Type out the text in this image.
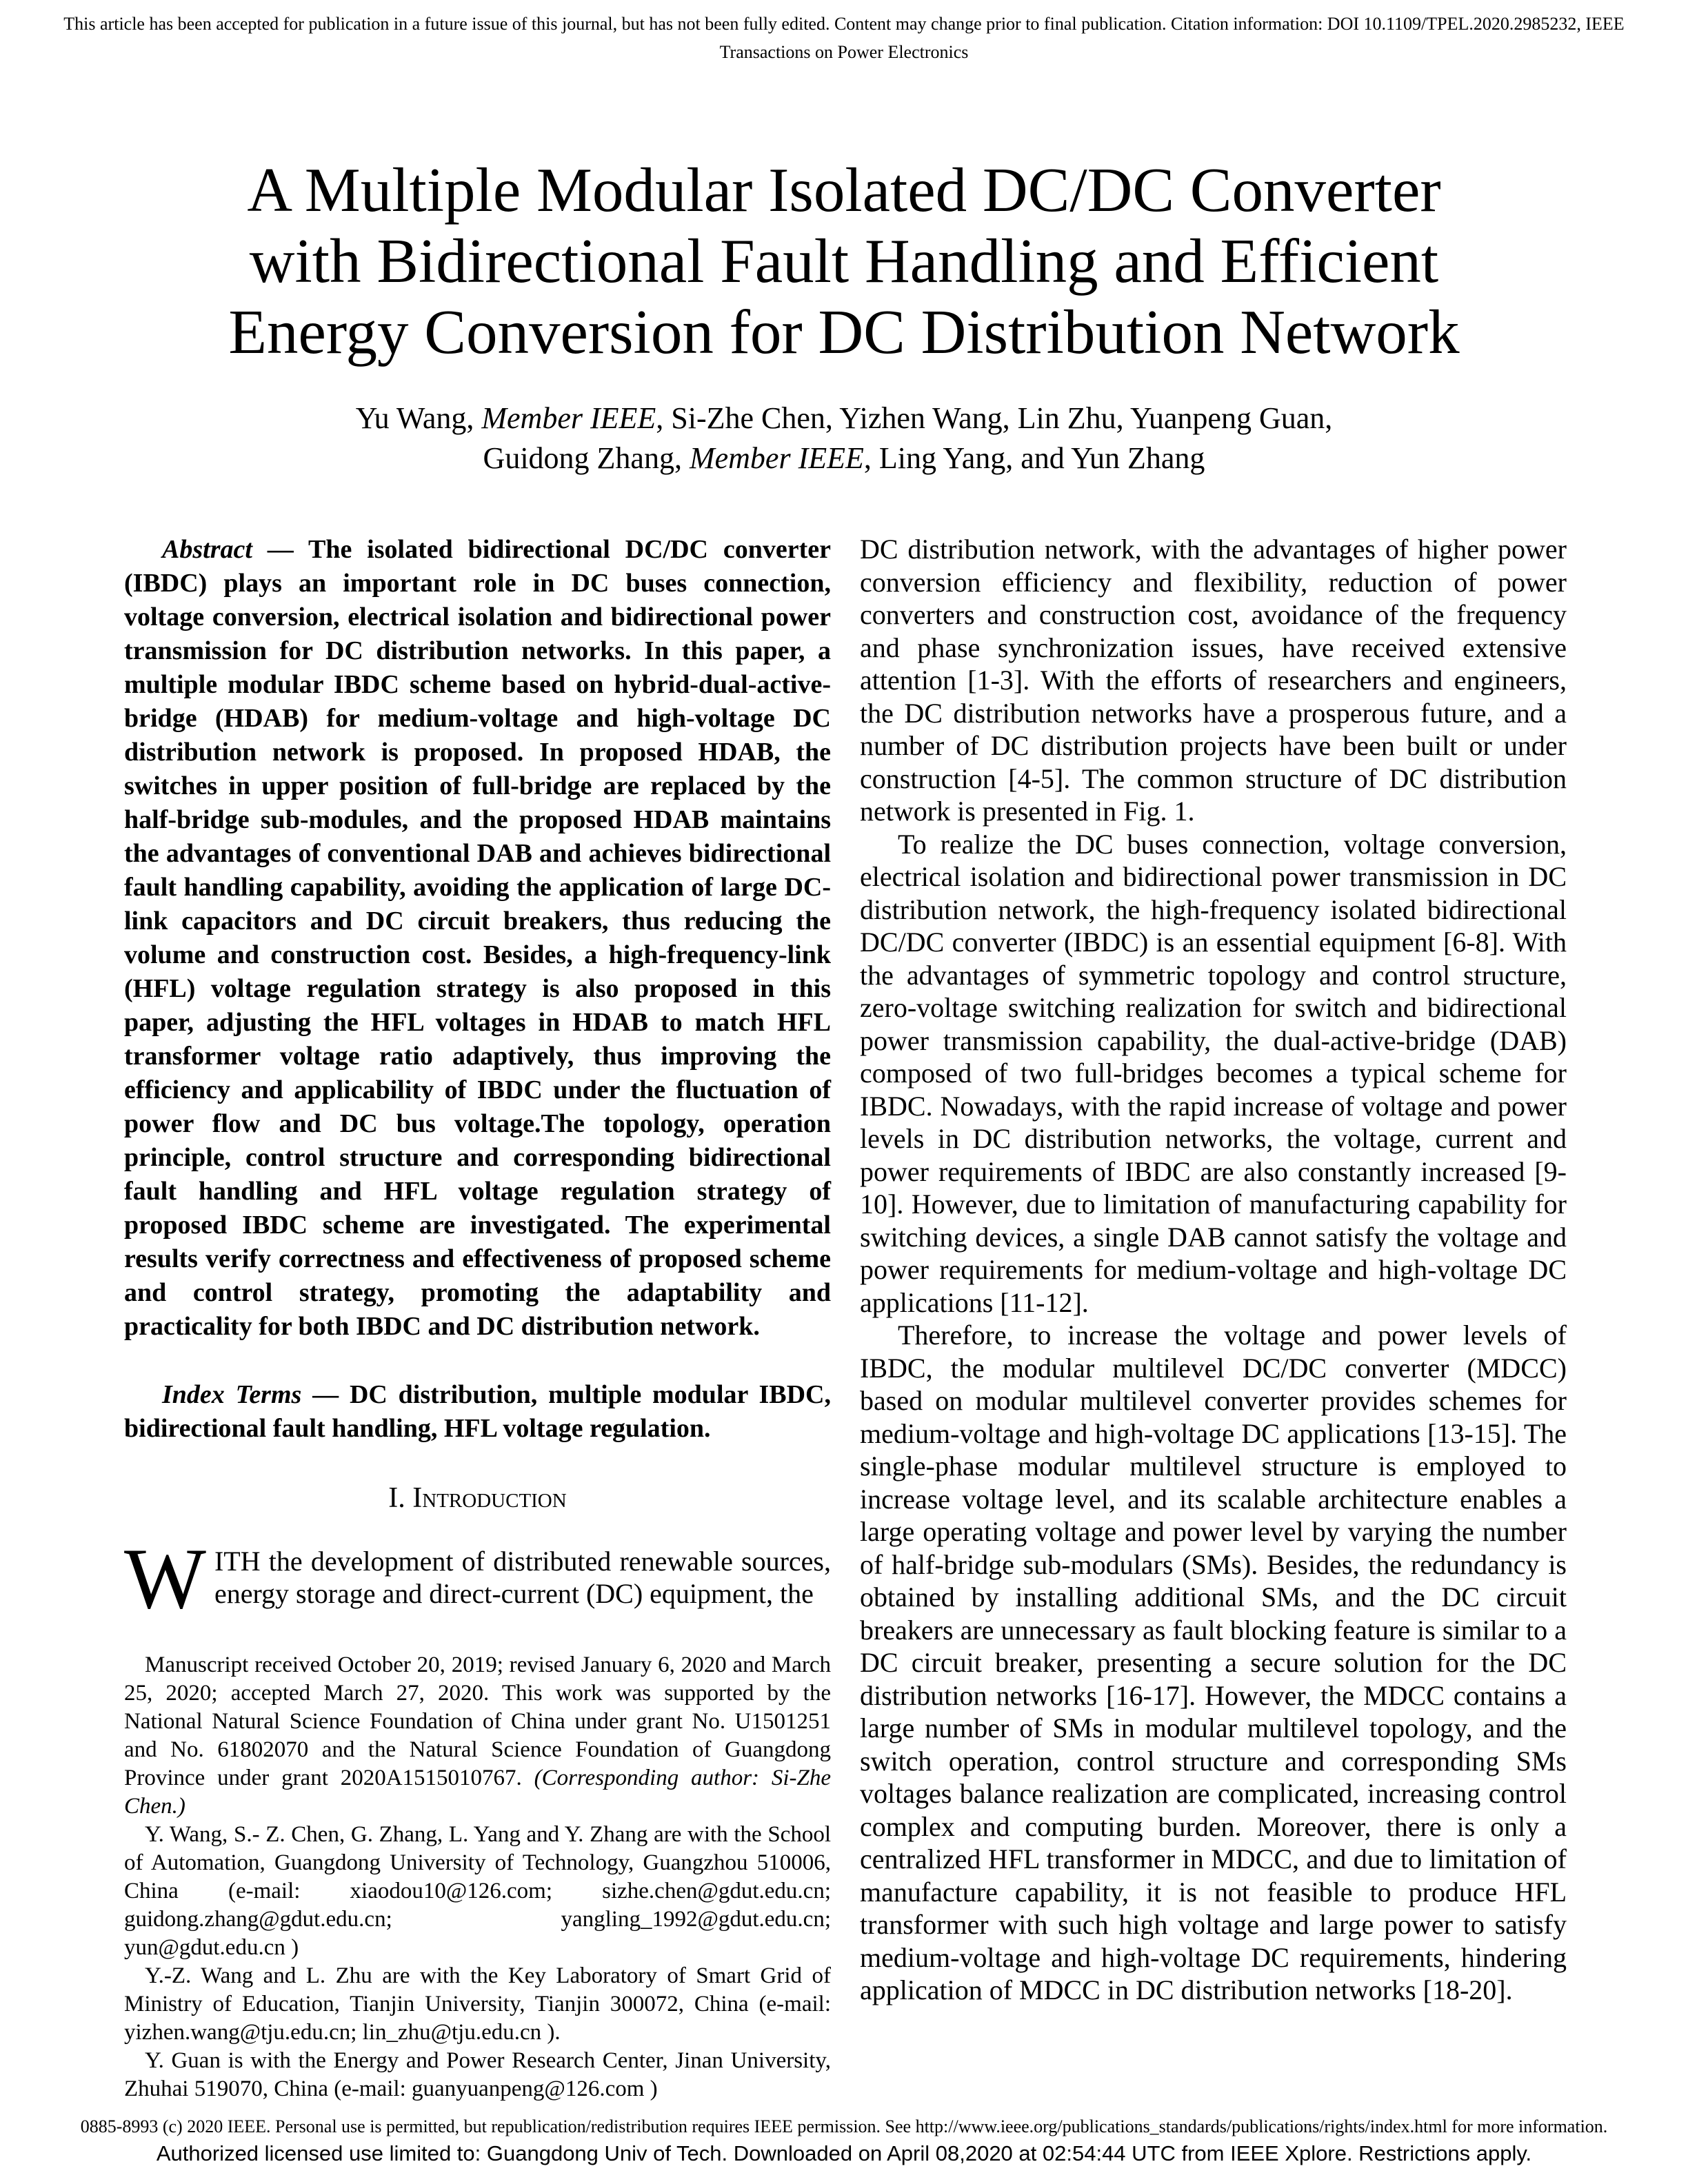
This article has been accepted for publication in a future issue of this journal, but has not been fully edited. Content may change prior to final publication. Citation information: DOI 10.1109/TPEL.2020.2985232, IEEE
Transactions on Power Electronics
A Multiple Modular Isolated DC/DC Converter
with Bidirectional Fault Handling and Efficient
Energy Conversion for DC Distribution Network
Yu Wang, Member IEEE, Si-Zhe Chen, Yizhen Wang, Lin Zhu, Yuanpeng Guan,
Guidong Zhang, Member IEEE, Ling Yang, and Yun Zhang

Abstract — The isolated bidirectional DC/DC converter (IBDC) plays an important role in DC buses connection, voltage conversion, electrical isolation and bidirectional power transmission for DC distribution networks. In this paper, a multiple modular IBDC scheme based on hybrid-dual-active-bridge (HDAB) for medium-voltage and high-voltage DC distribution network is proposed. In proposed HDAB, the switches in upper position of full-bridge are replaced by the half-bridge sub-modules, and the proposed HDAB maintains the advantages of conventional DAB and achieves bidirectional fault handling capability, avoiding the application of large DC-link capacitors and DC circuit breakers, thus reducing the volume and construction cost. Besides, a high-frequency-link (HFL) voltage regulation strategy is also proposed in this paper, adjusting the HFL voltages in HDAB to match HFL transformer voltage ratio adaptively, thus improving the efficiency and applicability of IBDC under the fluctuation of power flow and DC bus voltage.The topology, operation principle, control structure and corresponding bidirectional fault handling and HFL voltage regulation strategy of proposed IBDC scheme are investigated. The experimental results verify correctness and effectiveness of proposed scheme and control strategy, promoting the adaptability and practicality for both IBDC and DC distribution network.

Index Terms — DC distribution, multiple modular IBDC, bidirectional fault handling, HFL voltage regulation.

I. Introduction

WITH the development of distributed renewable sources, energy storage and direct-current (DC) equipment, the

Manuscript received October 20, 2019; revised January 6, 2020 and March 25, 2020; accepted March 27, 2020. This work was supported by the National Natural Science Foundation of China under grant No. U1501251 and No. 61802070 and the Natural Science Foundation of Guangdong Province under grant 2020A1515010767. (Corresponding author: Si-Zhe Chen.)

Y. Wang, S.- Z. Chen, G. Zhang, L. Yang and Y. Zhang are with the School of Automation, Guangdong University of Technology, Guangzhou 510006, China (e-mail: xiaodou10@126.com; sizhe.chen@gdut.edu.cn; guidong.zhang@gdut.edu.cn; yangling_1992@gdut.edu.cn; yun@gdut.edu.cn )

Y.-Z. Wang and L. Zhu are with the Key Laboratory of Smart Grid of Ministry of Education, Tianjin University, Tianjin 300072, China (e-mail: yizhen.wang@tju.edu.cn; lin_zhu@tju.edu.cn ).

Y. Guan is with the Energy and Power Research Center, Jinan University, Zhuhai 519070, China (e-mail: guanyuanpeng@126.com )

DC distribution network, with the advantages of higher power conversion efficiency and flexibility, reduction of power converters and construction cost, avoidance of the frequency and phase synchronization issues, have received extensive attention [1-3]. With the efforts of researchers and engineers, the DC distribution networks have a prosperous future, and a number of DC distribution projects have been built or under construction [4-5]. The common structure of DC distribution network is presented in Fig. 1.

To realize the DC buses connection, voltage conversion, electrical isolation and bidirectional power transmission in DC distribution network, the high-frequency isolated bidirectional DC/DC converter (IBDC) is an essential equipment [6-8]. With the advantages of symmetric topology and control structure, zero-voltage switching realization for switch and bidirectional power transmission capability, the dual-active-bridge (DAB) composed of two full-bridges becomes a typical scheme for IBDC. Nowadays, with the rapid increase of voltage and power levels in DC distribution networks, the voltage, current and power requirements of IBDC are also constantly increased [9-10]. However, due to limitation of manufacturing capability for switching devices, a single DAB cannot satisfy the voltage and power requirements for medium-voltage and high-voltage DC applications [11-12].

Therefore, to increase the voltage and power levels of IBDC, the modular multilevel DC/DC converter (MDCC) based on modular multilevel converter provides schemes for medium-voltage and high-voltage DC applications [13-15]. The single-phase modular multilevel structure is employed to increase voltage level, and its scalable architecture enables a large operating voltage and power level by varying the number of half-bridge sub-modulars (SMs). Besides, the redundancy is obtained by installing additional SMs, and the DC circuit breakers are unnecessary as fault blocking feature is similar to a DC circuit breaker, presenting a secure solution for the DC distribution networks [16-17]. However, the MDCC contains a large number of SMs in modular multilevel topology, and the switch operation, control structure and corresponding SMs voltages balance realization are complicated, increasing control complex and computing burden. Moreover, there is only a centralized HFL transformer in MDCC, and due to limitation of manufacture capability, it is not feasible to produce HFL transformer with such high voltage and large power to satisfy medium-voltage and high-voltage DC requirements, hindering application of MDCC in DC distribution networks [18-20].

0885-8993 (c) 2020 IEEE. Personal use is permitted, but republication/redistribution requires IEEE permission. See http://www.ieee.org/publications_standards/publications/rights/index.html for more information.
Authorized licensed use limited to: Guangdong Univ of Tech. Downloaded on April 08,2020 at 02:54:44 UTC from IEEE Xplore. Restrictions apply.
